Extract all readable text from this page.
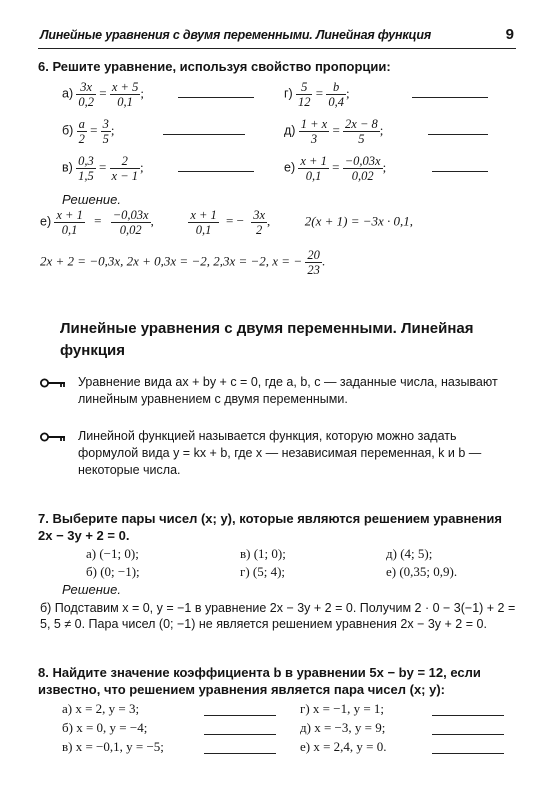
Линейные уравнения с двумя переменными. Линейная функция	9
6. Решите уравнение, используя свойство пропорции:
$а) \frac{3x}{0,2} = \frac{x + 5}{0,1}$ ;	$г) \frac{5}{12} = \frac{b}{0,4}$ ;
$б) \frac{a}{2} = \frac{3}{5}$ ;	$д) \frac{1 + x}{3} = \frac{2x - 8}{5}$ ;
$в) \frac{0,3}{1,5} = \frac{2}{x - 1}$ ;	$е) \frac{x + 1}{0,1} = \frac{-0,03x}{0,02}$ ;
Решение.
$е) \frac{x + 1}{0,1} = \frac{-0,03x}{0,02}$ ,	$\frac{x + 1}{0,1}$ = − $\frac{3x}{2}$ ,	2(x + 1) = −3x · 0,1,
2x + 2 = −0,3x, 2x + 0,3x = −2, 2,3x = −2, x = − $\frac{20}{23}$ .
Линейные уравнения с двумя переменными. Линейная функция
Уравнение вида ax + by + c = 0, где a, b, c — заданные числа, называют линейным уравнением с двумя переменными.
Линейной функцией называется функция, которую можно задать формулой вида y = kx + b, где x — независимая переменная, k и b — некоторые числа.
7. Выберите пары чисел (x; y), которые являются решением уравнения 2x − 3y + 2 = 0.
а) (−1; 0);	в) (1; 0);	д) (4; 5);
б) (0; −1);	г) (5; 4);	е) (0,35; 0,9).
Решение.
б) Подставим x = 0, y = −1 в уравнение 2x − 3y + 2 = 0. Получим 2 · 0 − 3(−1) + 2 = 5, 5 ≠ 0. Пара чисел (0; −1) не является решением уравнения 2x − 3y + 2 = 0.
8. Найдите значение коэффициента b в уравнении 5x − by = 12, если известно, что решением уравнения является пара чисел (x; y):
а) x = 2, y = 3;	г) x = −1, y = 1;
б) x = 0, y = −4;	д) x = −3, y = 9;
в) x = −0,1, y = −5;	е) x = 2,4, y = 0.
